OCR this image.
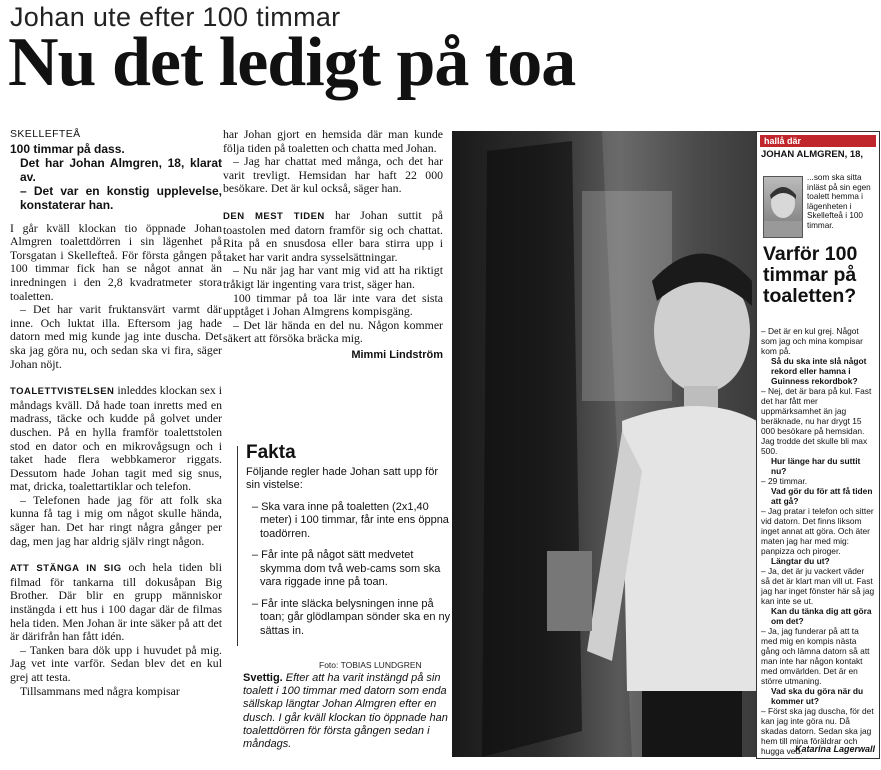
Johan ute efter 100 timmar
Nu det ledigt på toa
SKELLEFTEÅ
100 timmar på dass.
Det har Johan Almgren, 18, klarat av.
– Det var en konstig upplevelse, konstaterar han.

I går kväll klockan tio öppnade Johan Almgren toalettdörren i sin lägenhet på Torsgatan i Skellefteå. För första gången på 100 timmar fick han se något annat än inredningen i den 2,8 kvadratmeter stora toaletten.

– Det har varit fruktansvärt varmt där inne. Och luktat illa. Eftersom jag hade datorn med mig kunde jag inte duscha. Det ska jag göra nu, och sedan ska vi fira, säger Johan nöjt.

TOALETTVISTELSEN inleddes klockan sex i måndags kväll. Då hade toan inretts med en madrass, täcke och kudde på golvet under duschen. På en hylla framför toalettstolen stod en dator och en mikrovågsugn och i taket hade flera webbkameror riggats. Dessutom hade Johan tagit med sig snus, mat, dricka, toalettartiklar och telefon.

– Telefonen hade jag för att folk ska kunna få tag i mig om något skulle hända, säger han. Det har ringt några gånger per dag, men jag har aldrig själv ringt någon.

ATT STÄNGA IN SIG och hela tiden bli filmad för tankarna till dokusåpan Big Brother. Där blir en grupp människor instängda i ett hus i 100 dagar där de filmas hela tiden. Men Johan är inte säker på att det är därifrån han fått idén.

– Tanken bara dök upp i huvudet på mig. Jag vet inte varför. Sedan blev det en kul grej att testa.

Tillsammans med några kompisar

har Johan gjort en hemsida där man kunde följa tiden på toaletten och chatta med Johan.

– Jag har chattat med många, och det har varit trevligt. Hemsidan har haft 22 000 besökare. Det är kul också, säger han.

DEN MEST TIDEN har Johan suttit på toastolen med datorn framför sig och chattat. Rita på en snusdosa eller bara stirra upp i taket har varit andra sysselsättningar.

– Nu när jag har vant mig vid att ha riktigt tråkigt lär ingenting vara trist, säger han.

100 timmar på toa lär inte vara det sista upptåget i Johan Almgrens kompisgäng.

– Det lär hända en del nu. Någon kommer säkert att försöka bräcka mig.

Mimmi Lindström
Fakta

Följande regler hade Johan satt upp för sin vistelse:

– Ska vara inne på toaletten (2x1,40 meter) i 100 timmar, får inte ens öppna toadörren.

– Får inte på något sätt medvetet skymma dom två web-cams som ska vara riggade inne på toan.

– Får inte släcka belysningen inne på toan; går glödlampan sönder ska en ny sättas in.

Foto: TOBIAS LUNDGREN
Svettig. Efter att ha varit instängd på sin toalett i 100 timmar med datorn som enda sällskap längtar Johan Almgren efter en dusch. I går kväll klockan tio öppnade han toalettdörren för första gången sedan i måndags.
hallå där
JOHAN ALMGREN, 18,
...som ska sitta inläst på sin egen toalett hemma i lägenheten i Skellefteå i 100 timmar.
Varför 100 timmar på toaletten?

– Det är en kul grej. Något som jag och mina kompisar kom på.

Så du ska inte slå något rekord eller hamna i Guinness rekordbok?

– Nej, det är bara på kul. Fast det har fått mer uppmärksamhet än jag beräknade, nu har drygt 15 000 besökare på hemsidan. Jag trodde det skulle bli max 500.

Hur länge har du suttit nu?

– 29 timmar.

Vad gör du för att få tiden att gå?

– Jag pratar i telefon och sitter vid datorn. Det finns liksom inget annat att göra. Och äter maten jag har med mig: panpizza och piroger.

Längtar du ut?

– Ja, det är ju vackert väder så det är klart man vill ut. Fast jag har inget fönster här så jag kan inte se ut.

Kan du tänka dig att göra om det?

– Ja, jag funderar på att ta med mig en kompis nästa gång och lämna datorn så att man inte har någon kontakt med omvärlden. Det är en större utmaning.

Vad ska du göra när du kommer ut?

– Först ska jag duscha, för det kan jag inte göra nu. Då skadas datorn. Sedan ska jag hem till mina föräldrar och hugga ved.

Katarina Lagerwall
